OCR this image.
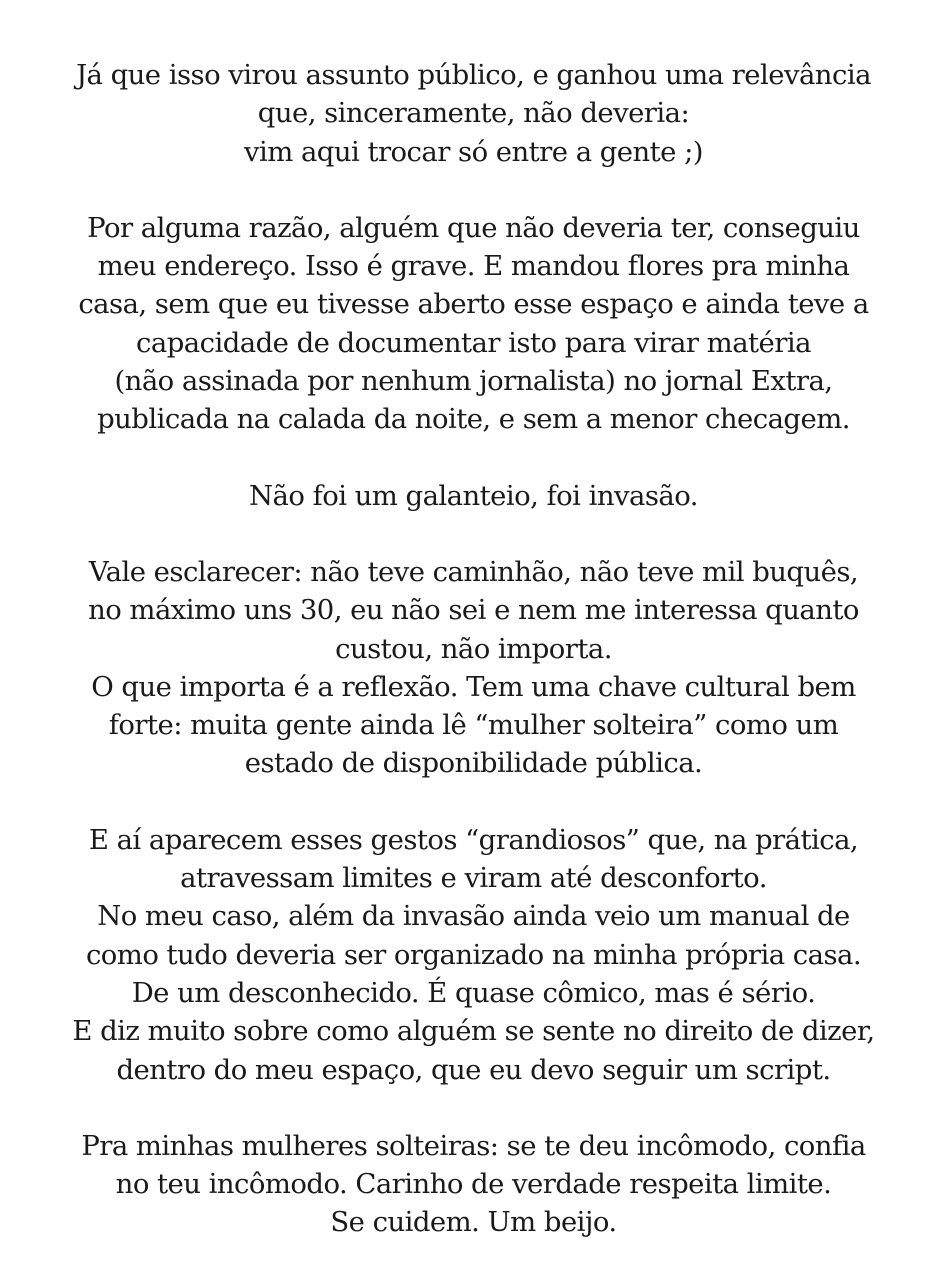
Já que isso virou assunto público, e ganhou uma relevância
que, sinceramente, não deveria:
vim aqui trocar só entre a gente ;)
Por alguma razão, alguém que não deveria ter, conseguiu
meu endereço. Isso é grave. E mandou flores pra minha
casa, sem que eu tivesse aberto esse espaço e ainda teve a
capacidade de documentar isto para virar matéria
(não assinada por nenhum jornalista) no jornal Extra,
publicada na calada da noite, e sem a menor checagem.
Não foi um galanteio, foi invasão.
Vale esclarecer: não teve caminhão, não teve mil buquês,
no máximo uns 30, eu não sei e nem me interessa quanto
custou, não importa.
O que importa é a reflexão. Tem uma chave cultural bem
forte: muita gente ainda lê “mulher solteira” como um
estado de disponibilidade pública.
E aí aparecem esses gestos “grandiosos” que, na prática,
atravessam limites e viram até desconforto.
No meu caso, além da invasão ainda veio um manual de
como tudo deveria ser organizado na minha própria casa.
De um desconhecido. É quase cômico, mas é sério.
E diz muito sobre como alguém se sente no direito de dizer,
dentro do meu espaço, que eu devo seguir um script.
Pra minhas mulheres solteiras: se te deu incômodo, confia
no teu incômodo. Carinho de verdade respeita limite.
Se cuidem. Um beijo.
